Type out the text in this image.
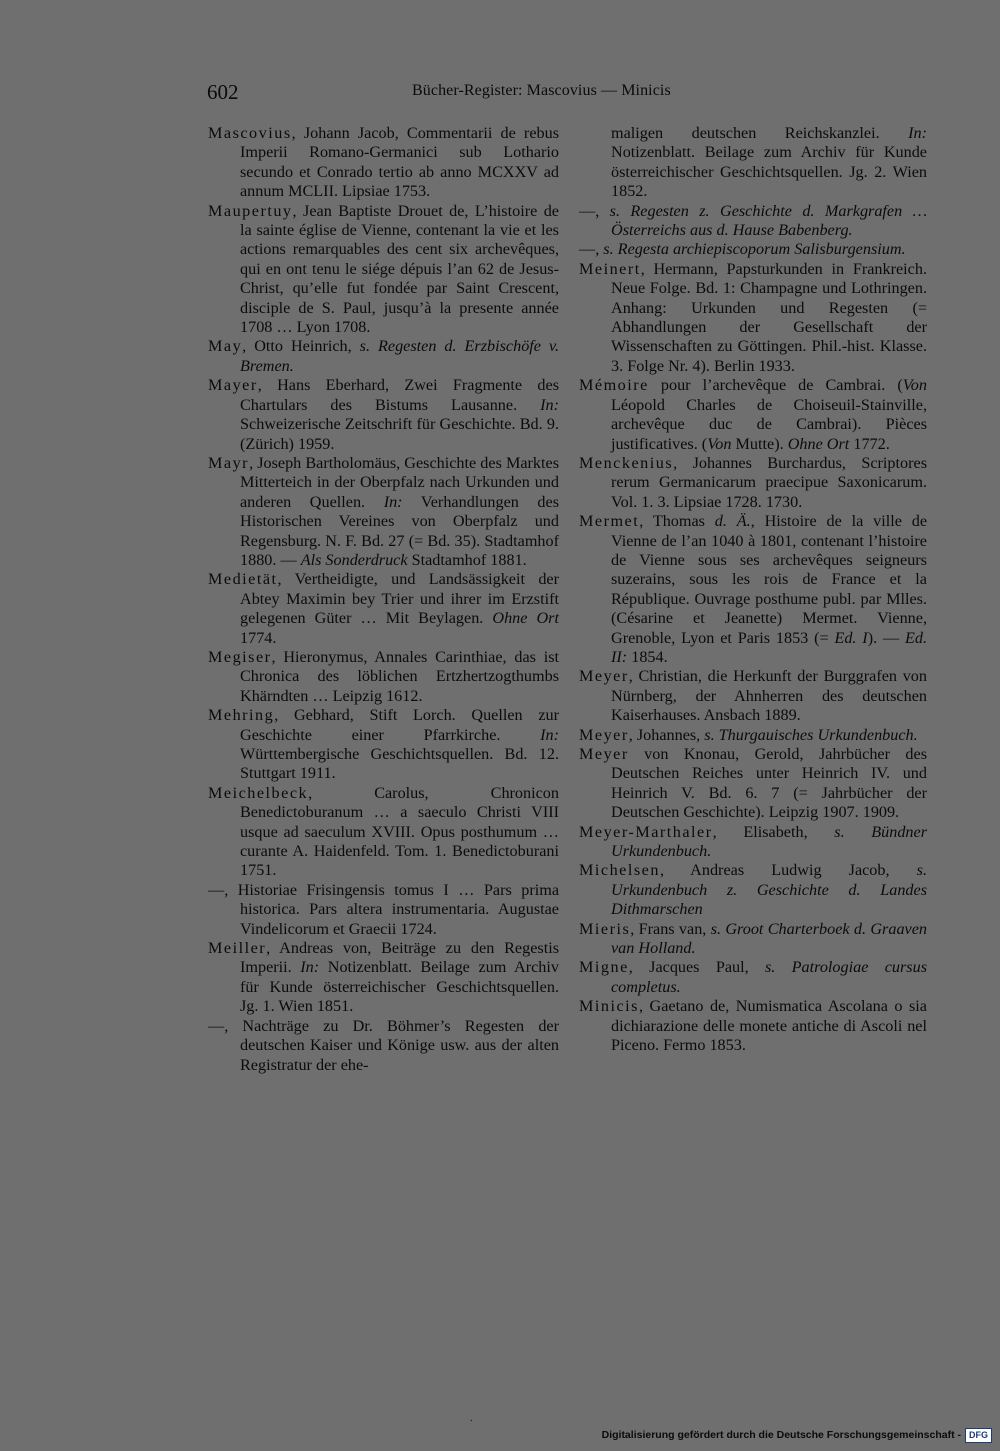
602	Bücher-Register: Mascovius — Minicis

Mascovius, Johann Jacob, Commentarii de rebus Imperii Romano-Germanici sub Lothario secundo et Conrado tertio ab anno MCXXV ad annum MCLII. Lipsiae 1753.

Maupertuy, Jean Baptiste Drouet de, L’histoire de la sainte église de Vienne, contenant la vie et les actions remarquables des cent six archevêques, qui en ont tenu le siége dépuis l’an 62 de Jesus-Christ, qu’elle fut fondée par Saint Crescent, disciple de S. Paul, jusqu’à la presente année 1708 … Lyon 1708.

May, Otto Heinrich, s. Regesten d. Erzbischöfe v. Bremen.

Mayer, Hans Eberhard, Zwei Fragmente des Chartulars des Bistums Lausanne. In: Schweizerische Zeitschrift für Geschichte. Bd. 9. (Zürich) 1959.

Mayr, Joseph Bartholomäus, Geschichte des Marktes Mitterteich in der Oberpfalz nach Urkunden und anderen Quellen. In: Verhandlungen des Historischen Vereines von Oberpfalz und Regensburg. N. F. Bd. 27 (= Bd. 35). Stadtamhof 1880. — Als Sonderdruck Stadtamhof 1881.

Medietät, Vertheidigte, und Landsässigkeit der Abtey Maximin bey Trier und ihrer im Erzstift gelegenen Güter … Mit Beylagen. Ohne Ort 1774.

Megiser, Hieronymus, Annales Carinthiae, das ist Chronica des löblichen Ertzhertzogthumbs Khärndten … Leipzig 1612.

Mehring, Gebhard, Stift Lorch. Quellen zur Geschichte einer Pfarrkirche. In: Württembergische Geschichtsquellen. Bd. 12. Stuttgart 1911.

Meichelbeck, Carolus, Chronicon Benedictoburanum … a saeculo Christi VIII usque ad saeculum XVIII. Opus posthumum … curante A. Haidenfeld. Tom. 1. Benedictoburani 1751.

—, Historiae Frisingensis tomus I … Pars prima historica. Pars altera instrumentaria. Augustae Vindelicorum et Graecii 1724.

Meiller, Andreas von, Beiträge zu den Regestis Imperii. In: Notizenblatt. Beilage zum Archiv für Kunde österreichischer Geschichtsquellen. Jg. 1. Wien 1851.

—, Nachträge zu Dr. Böhmer’s Regesten der deutschen Kaiser und Könige usw. aus der alten Registratur der ehe-

maligen deutschen Reichskanzlei. In: Notizenblatt. Beilage zum Archiv für Kunde österreichischer Geschichtsquellen. Jg. 2. Wien 1852.

—, s. Regesten z. Geschichte d. Markgrafen … Österreichs aus d. Hause Babenberg.

—, s. Regesta archiepiscoporum Salisburgensium.

Meinert, Hermann, Papsturkunden in Frankreich. Neue Folge. Bd. 1: Champagne und Lothringen. Anhang: Urkunden und Regesten (= Abhandlungen der Gesellschaft der Wissenschaften zu Göttingen. Phil.-hist. Klasse. 3. Folge Nr. 4). Berlin 1933.

Mémoire pour l’archevêque de Cambrai. (Von Léopold Charles de Choiseuil-Stainville, archevêque duc de Cambrai). Pièces justificatives. (Von Mutte). Ohne Ort 1772.

Menckenius, Johannes Burchardus, Scriptores rerum Germanicarum praecipue Saxonicarum. Vol. 1. 3. Lipsiae 1728. 1730.

Mermet, Thomas d. Ä., Histoire de la ville de Vienne de l’an 1040 à 1801, contenant l’histoire de Vienne sous ses archevêques seigneurs suzerains, sous les rois de France et la République. Ouvrage posthume publ. par Mlles. (Césarine et Jeanette) Mermet. Vienne, Grenoble, Lyon et Paris 1853 (= Ed. I). — Ed. II: 1854.

Meyer, Christian, die Herkunft der Burggrafen von Nürnberg, der Ahnherren des deutschen Kaiserhauses. Ansbach 1889.

Meyer, Johannes, s. Thurgauisches Urkundenbuch.

Meyer von Knonau, Gerold, Jahrbücher des Deutschen Reiches unter Heinrich IV. und Heinrich V. Bd. 6. 7 (= Jahrbücher der Deutschen Geschichte). Leipzig 1907. 1909.

Meyer-Marthaler, Elisabeth, s. Bündner Urkundenbuch.

Michelsen, Andreas Ludwig Jacob, s. Urkundenbuch z. Geschichte d. Landes Dithmarschen

Mieris, Frans van, s. Groot Charterboek d. Graaven van Holland.

Migne, Jacques Paul, s. Patrologiae cursus completus.

Minicis, Gaetano de, Numismatica Ascolana o sia dichiarazione delle monete antiche di Ascoli nel Piceno. Fermo 1853.

.
Digitalisierung gefördert durch die Deutsche Forschungsgemeinschaft - DFG
